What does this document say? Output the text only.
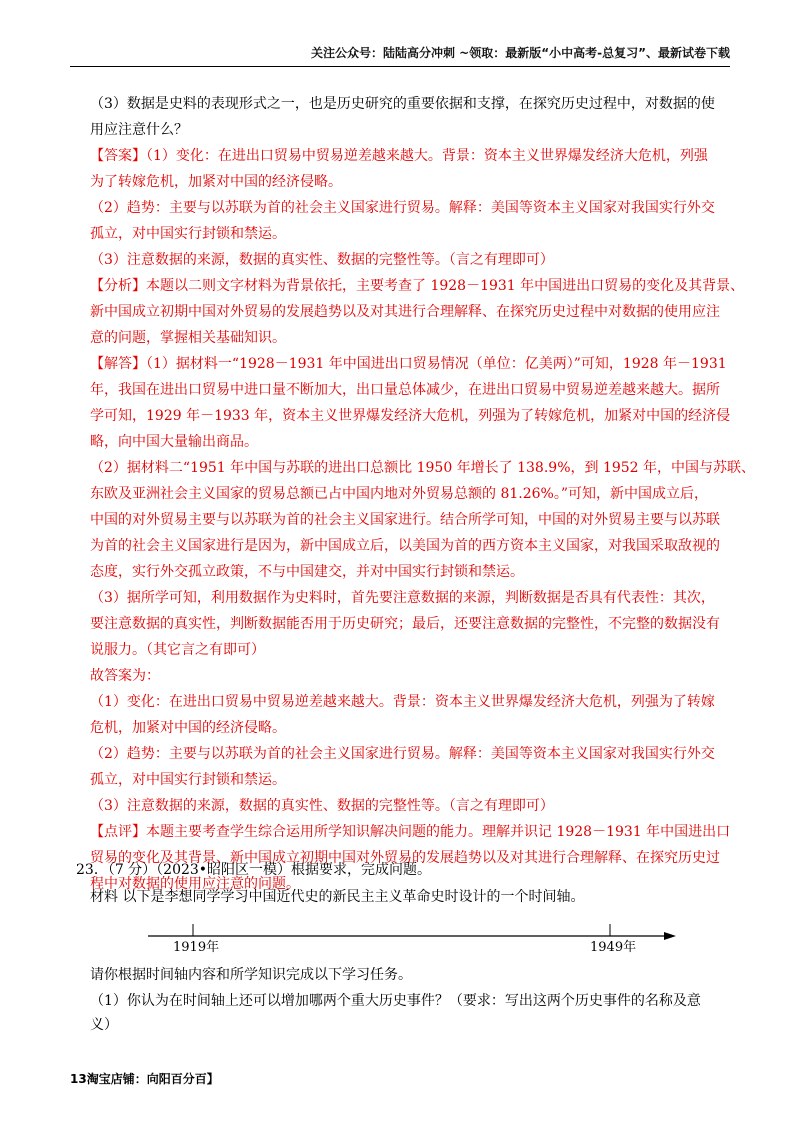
关注公众号：陆陆高分冲刺 ~领取：最新版“小中高考-总复习”、最新试卷下载
（3）数据是史料的表现形式之一，也是历史研究的重要依据和支撑，在探究历史过程中，对数据的使
用应注意什么？
【答案】（1）变化：在进出口贸易中贸易逆差越来越大。背景：资本主义世界爆发经济大危机，列强
为了转嫁危机，加紧对中国的经济侵略。
（2）趋势：主要与以苏联为首的社会主义国家进行贸易。解释：美国等资本主义国家对我国实行外交
孤立，对中国实行封锁和禁运。
（3）注意数据的来源，数据的真实性、数据的完整性等。（言之有理即可）
【分析】本题以二则文字材料为背景依托，主要考查了 1928－1931 年中国进出口贸易的变化及其背景、
新中国成立初期中国对外贸易的发展趋势以及对其进行合理解释、在探究历史过程中对数据的使用应注
意的问题，掌握相关基础知识。
【解答】（1）据材料一“1928－1931 年中国进出口贸易情况（单位：亿美两）”可知，1928 年－1931
年，我国在进出口贸易中进口量不断加大，出口量总体减少，在进出口贸易中贸易逆差越来越大。据所
学可知，1929 年－1933 年，资本主义世界爆发经济大危机，列强为了转嫁危机，加紧对中国的经济侵
略，向中国大量输出商品。
（2）据材料二“1951 年中国与苏联的进出口总额比 1950 年增长了 138.9%，到 1952 年，中国与苏联、
东欧及亚洲社会主义国家的贸易总额已占中国内地对外贸易总额的 81.26%。”可知，新中国成立后，
中国的对外贸易主要与以苏联为首的社会主义国家进行。结合所学可知，中国的对外贸易主要与以苏联
为首的社会主义国家进行是因为，新中国成立后，以美国为首的西方资本主义国家，对我国采取敌视的
态度，实行外交孤立政策，不与中国建交，并对中国实行封锁和禁运。
（3）据所学可知，利用数据作为史料时，首先要注意数据的来源，判断数据是否具有代表性：其次，
要注意数据的真实性，判断数据能否用于历史研究；最后，还要注意数据的完整性，不完整的数据没有
说服力。（其它言之有即可）
故答案为：
（1）变化：在进出口贸易中贸易逆差越来越大。背景：资本主义世界爆发经济大危机，列强为了转嫁
危机，加紧对中国的经济侵略。
（2）趋势：主要与以苏联为首的社会主义国家进行贸易。解释：美国等资本主义国家对我国实行外交
孤立，对中国实行封锁和禁运。
（3）注意数据的来源，数据的真实性、数据的完整性等。（言之有理即可）
【点评】本题主要考查学生综合运用所学知识解决问题的能力。理解并识记 1928－1931 年中国进出口
贸易的变化及其背景、新中国成立初期中国对外贸易的发展趋势以及对其进行合理解释、在探究历史过
程中对数据的使用应注意的问题。
23．（7 分）（2023•昭阳区一模）根据要求，完成问题。
材料 以下是李想同学学习中国近代史的新民主主义革命史时设计的一个时间轴。
1919年	1949年
请你根据时间轴内容和所学知识完成以下学习任务。
（1）你认为在时间轴上还可以增加哪两个重大历史事件？（要求：写出这两个历史事件的名称及意
义）
13淘宝店铺：向阳百分百】
